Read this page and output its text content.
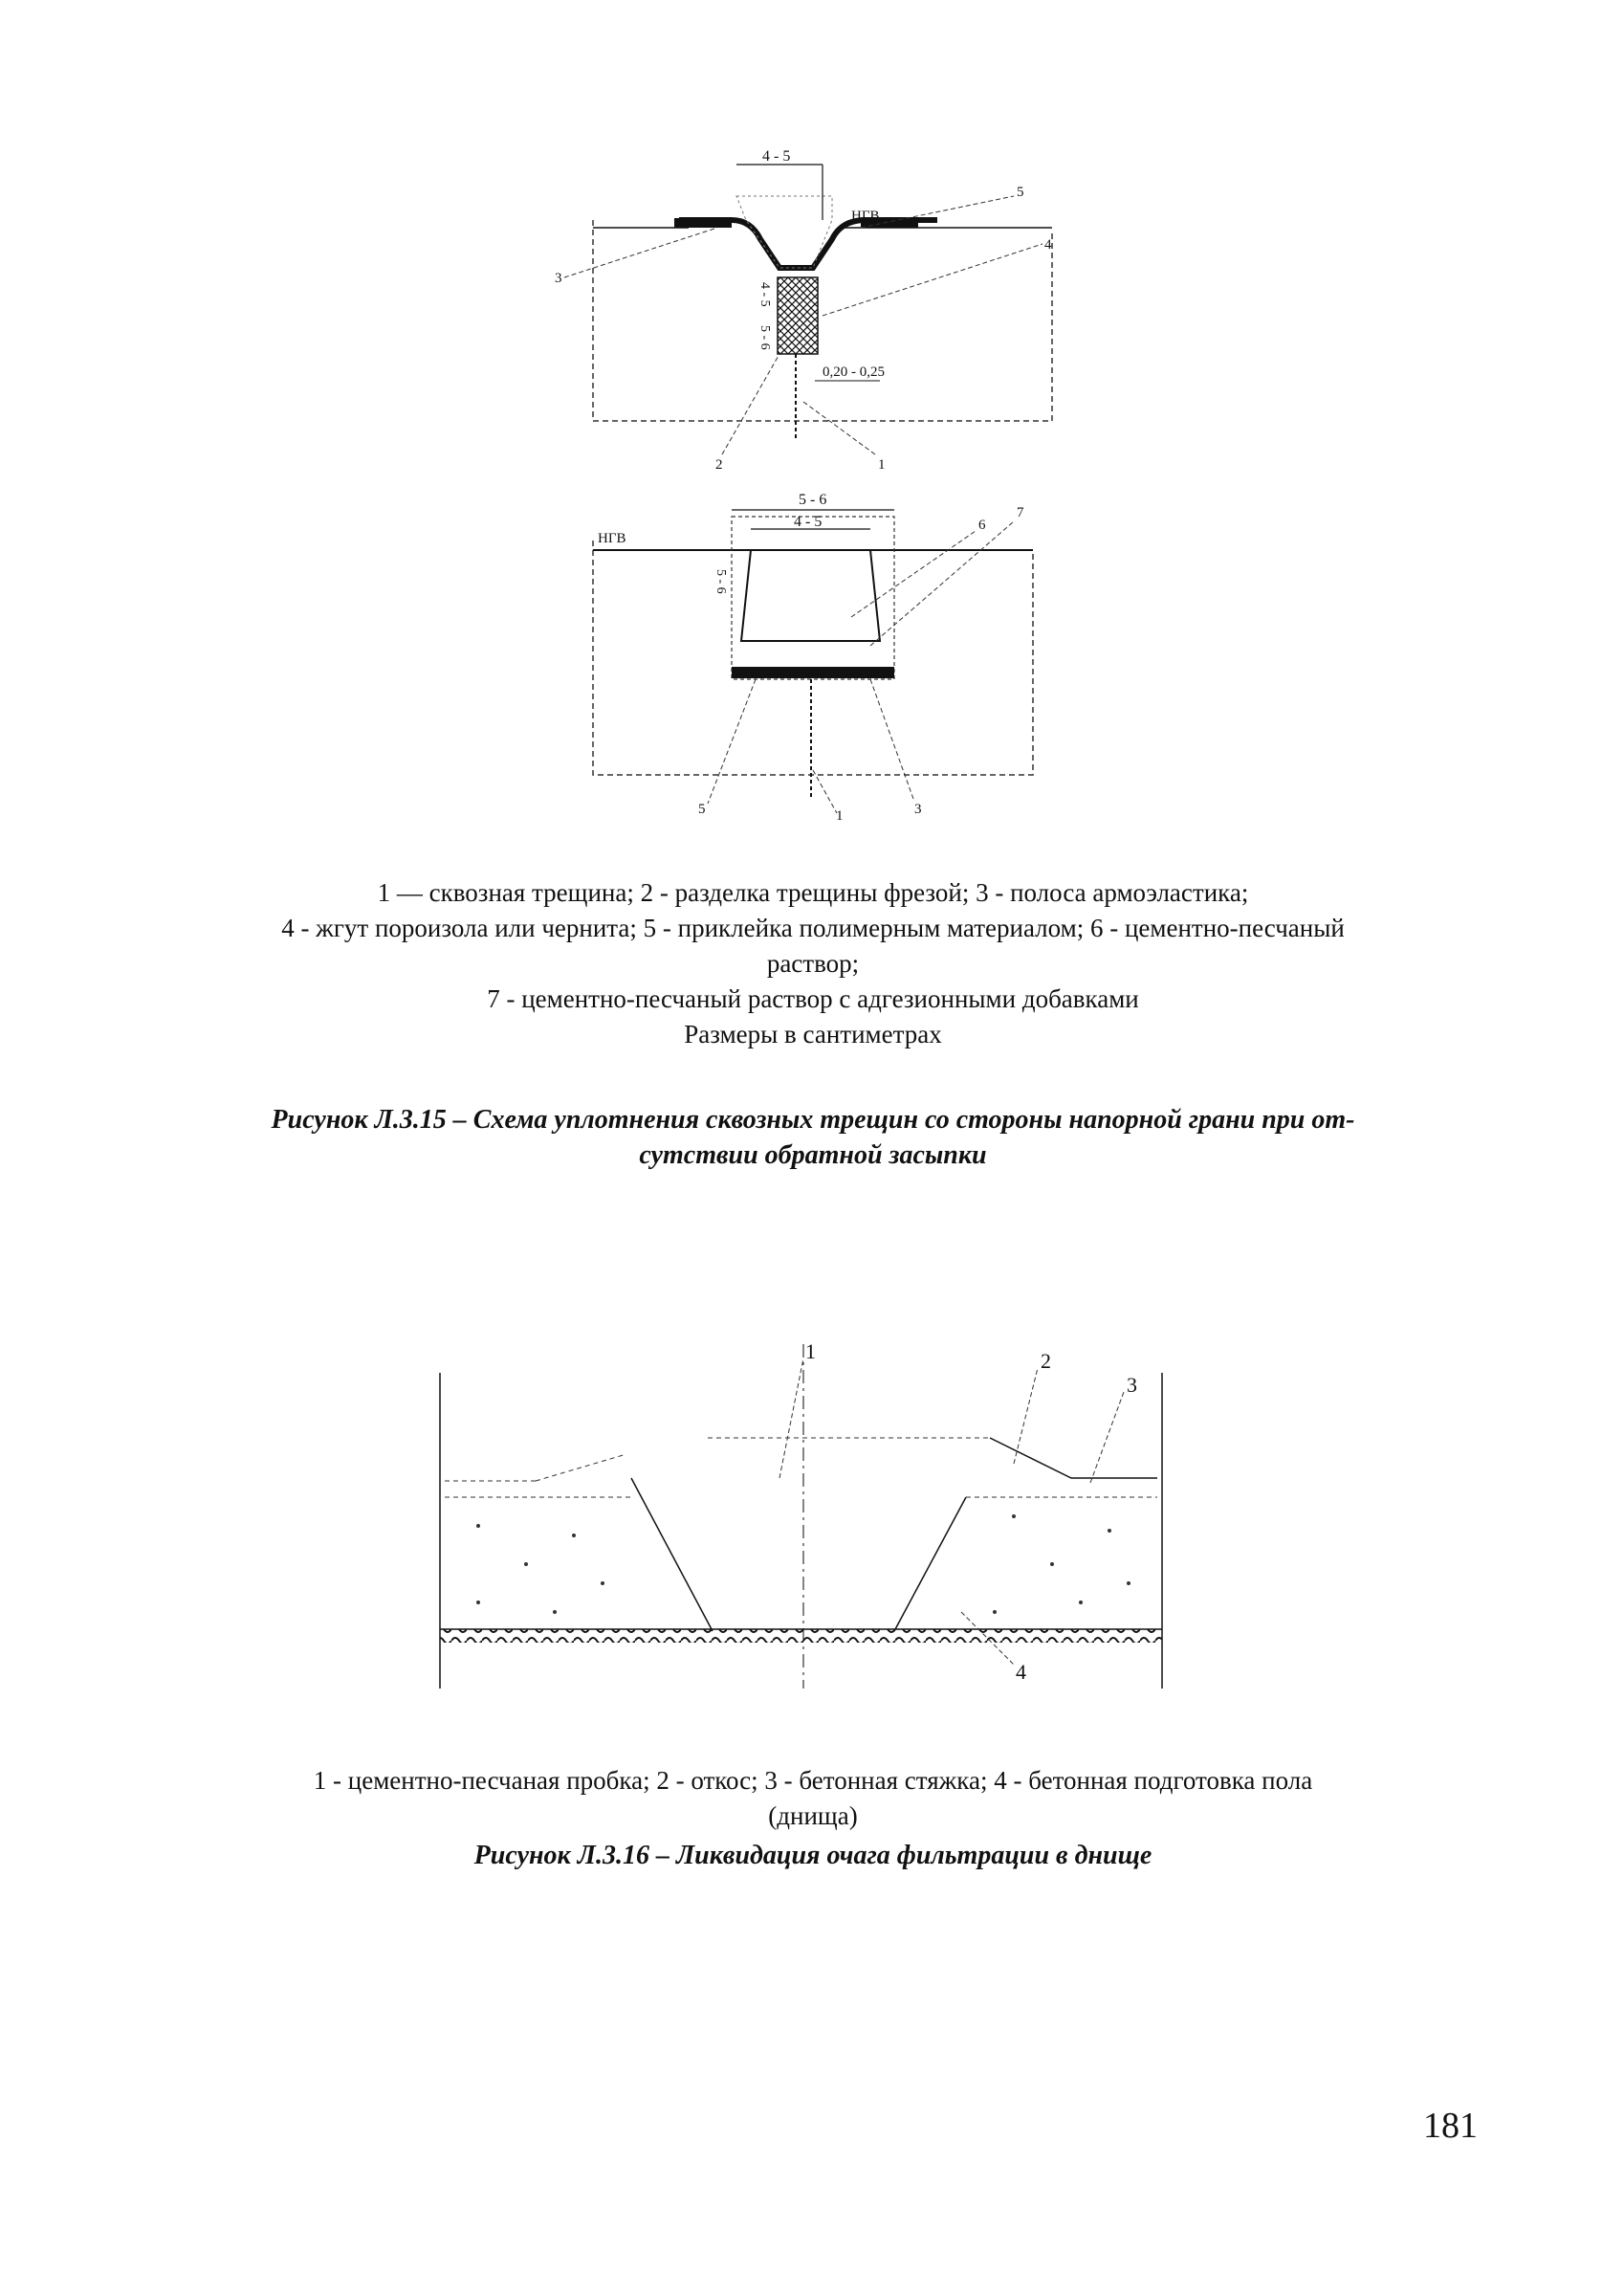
4 - 5
НГВ
0,20 - 0,25
4 - 5
5 - 6
1
2
3
4
5
5 - 6
4 - 5
НГВ
5 - 6
1	3
5
6
7
1 — сквозная трещина; 2 - разделка трещины фрезой; 3 - полоса армоэластика;
4 - жгут пороизола или чернита; 5 - приклейка полимерным материалом; 6 - цементно-песчаный
раствор;
7 - цементно-песчаный раствор с адгезионными добавками
Размеры в сантиметрах
Рисунок Л.3.15 – Схема уплотнения сквозных трещин со стороны напорной грани при от-
сутствии обратной засыпки
1	2
3
4
1 - цементно-песчаная пробка; 2 - откос; 3 - бетонная стяжка; 4 - бетонная подготовка пола
(днища)
Рисунок Л.3.16 – Ликвидация очага фильтрации в днище
181
